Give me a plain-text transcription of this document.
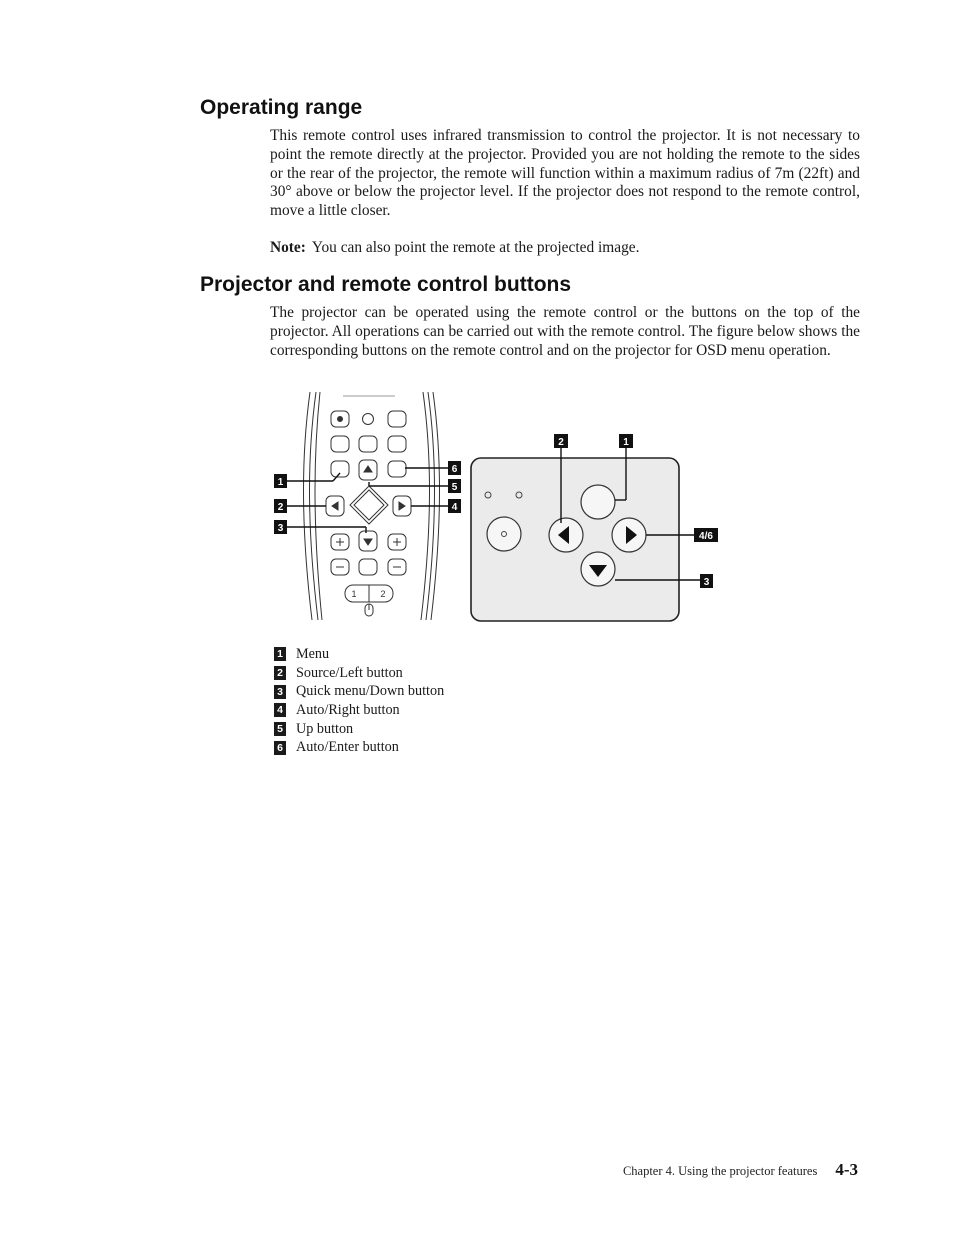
Operating range

This remote control uses infrared transmission to control the projector. It is not necessary to point the remote directly at the projector. Provided you are not holding the remote to the sides or the rear of the projector, the remote will function within a maximum radius of 7m (22ft) and 30° above or below the projector level. If the projector does not respond to the remote control, move a little closer.

Note: You can also point the remote at the projected image.

Projector and remote control buttons

The projector can be operated using the remote control or the buttons on the top of the projector. All operations can be carried out with the remote control. The figure below shows the corresponding buttons on the remote control and on the projector for OSD menu operation.

1	2
1
2
3
6
5
4
2	1
4/6
3
1 Menu
2 Source/Left button
3 Quick menu/Down button
4 Auto/Right button
5 Up button
6 Auto/Enter button
Chapter 4. Using the projector features 4-3
